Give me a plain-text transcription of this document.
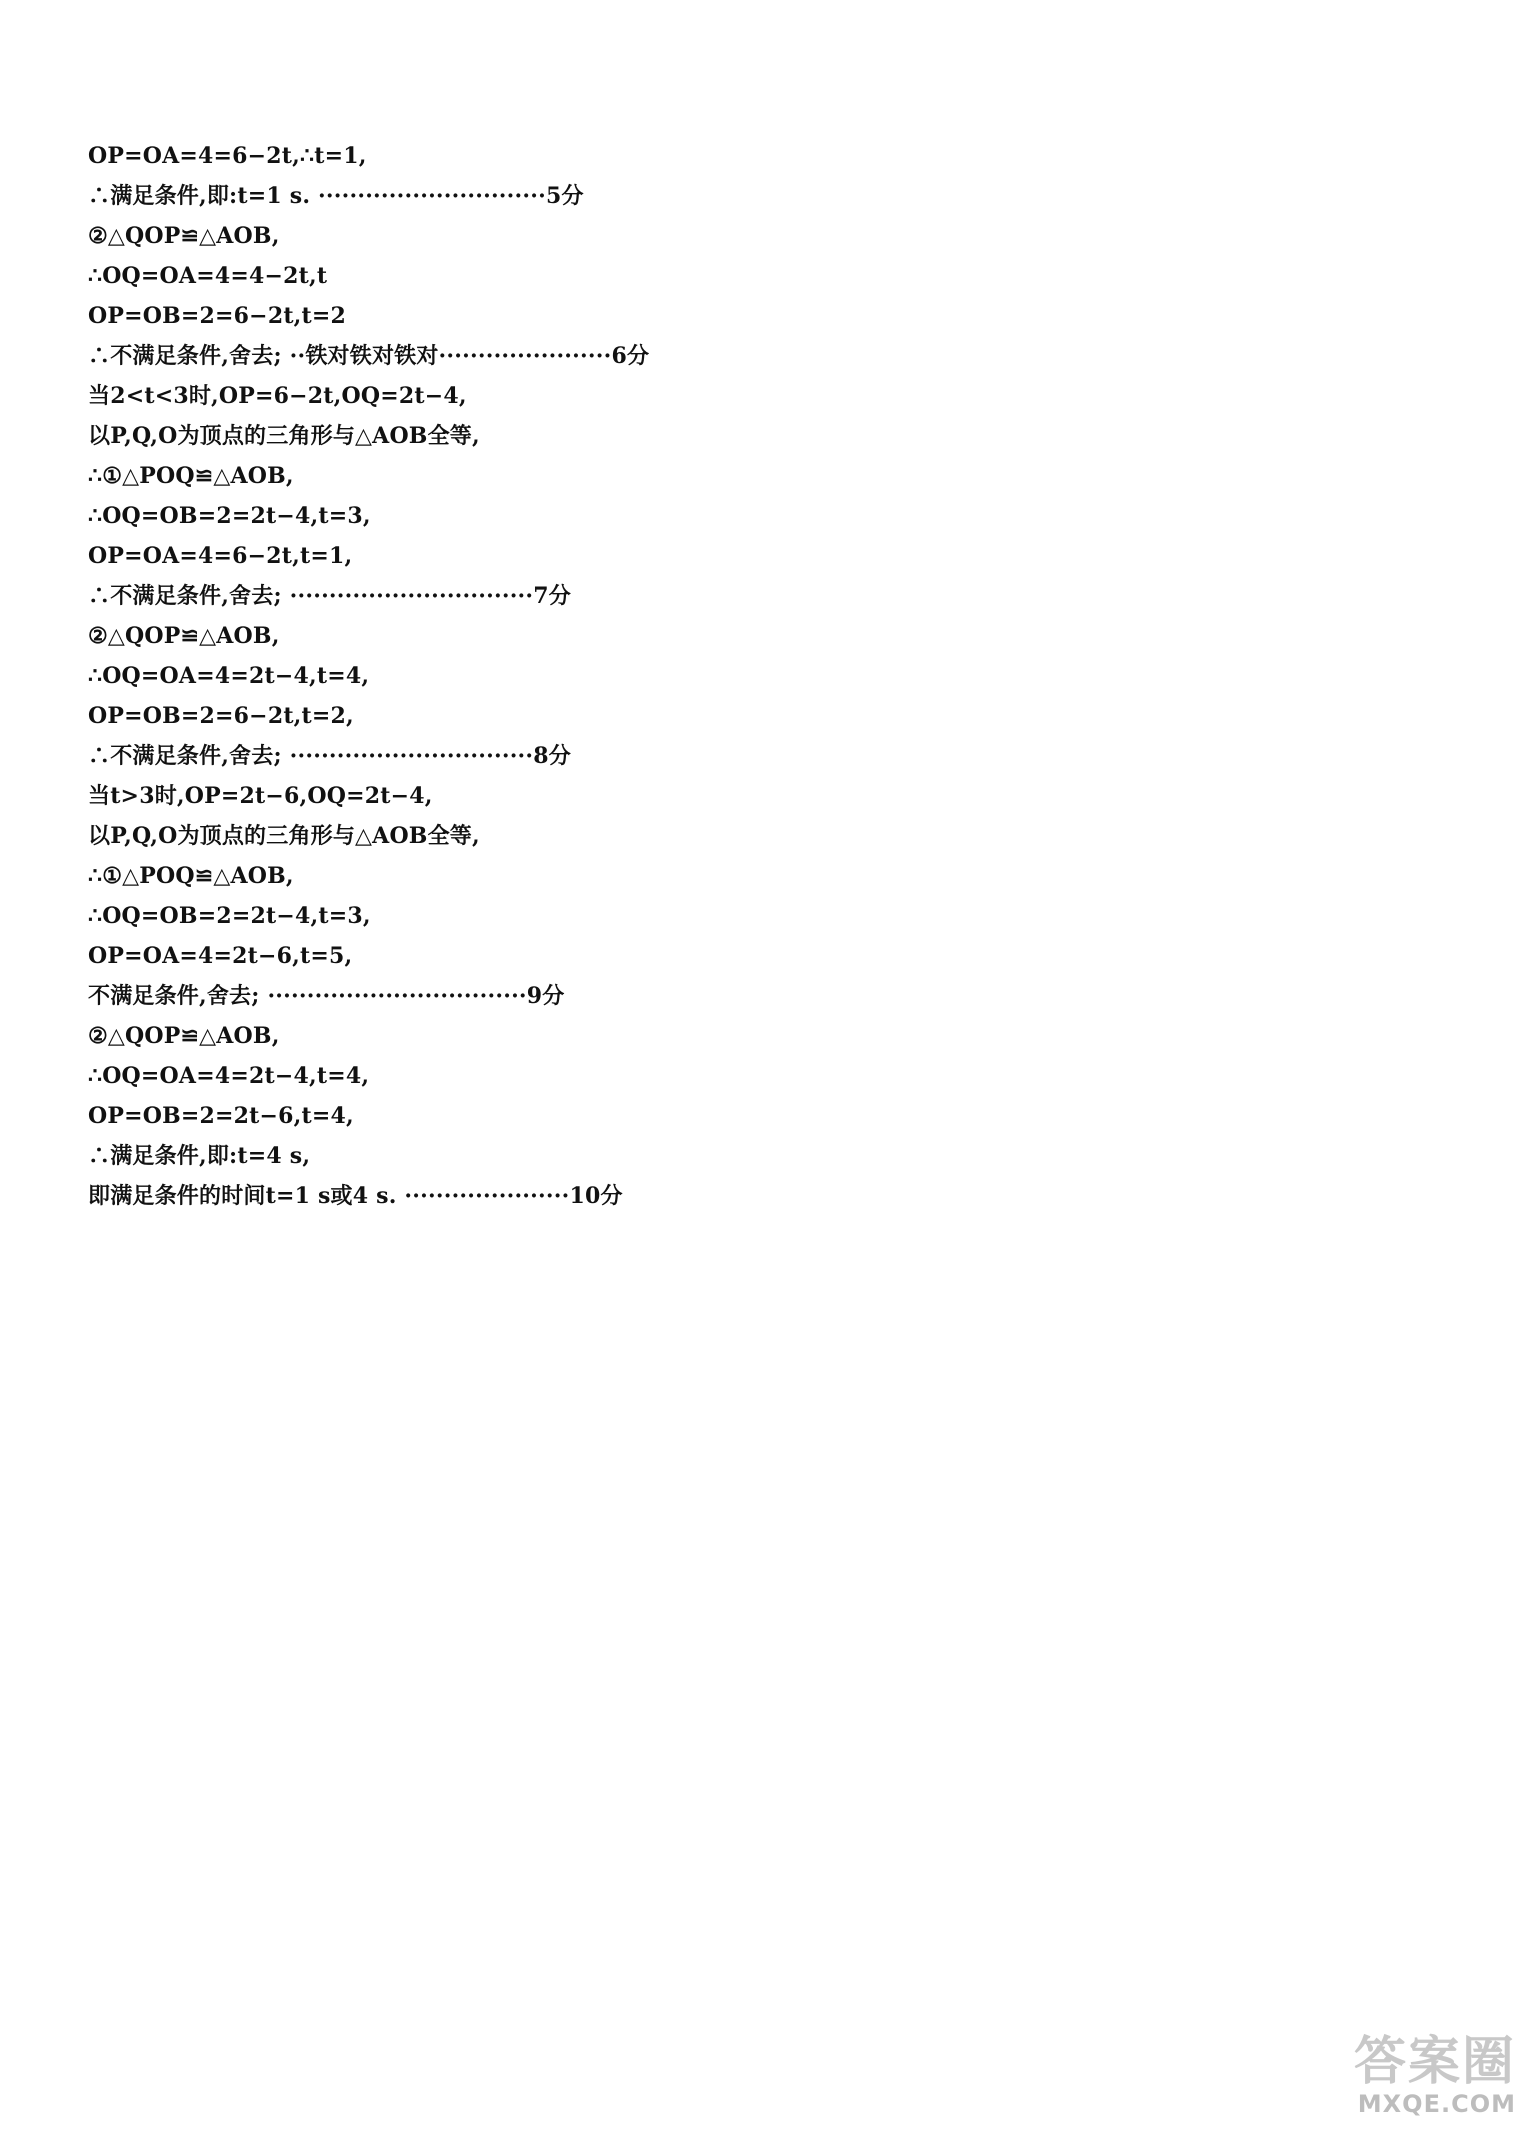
OP=OA=4=6−2t,∴t=1,
∴满足条件,即:t=1 s. ·····························5分
②△QOP≌△AOB,
∴OQ=OA=4=4−2t,t
OP=OB=2=6−2t,t=2
∴不满足条件,舍去; ··铁对铁对铁对······················6分
当2<t<3时,OP=6−2t,OQ=2t−4,
以P,Q,O为顶点的三角形与△AOB全等,
∴①△POQ≌△AOB,
∴OQ=OB=2=2t−4,t=3,
OP=OA=4=6−2t,t=1,
∴不满足条件,舍去; ·······························7分
②△QOP≌△AOB,
∴OQ=OA=4=2t−4,t=4,
OP=OB=2=6−2t,t=2,
∴不满足条件,舍去; ·······························8分
当t>3时,OP=2t−6,OQ=2t−4,
以P,Q,O为顶点的三角形与△AOB全等,
∴①△POQ≌△AOB,
∴OQ=OB=2=2t−4,t=3,
OP=OA=4=2t−6,t=5,
不满足条件,舍去; ·································9分
②△QOP≌△AOB,
∴OQ=OA=4=2t−4,t=4,
OP=OB=2=2t−6,t=4,
∴满足条件,即:t=4 s,
即满足条件的时间t=1 s或4 s. ·····················10分
答案圈
MXQE.COM
